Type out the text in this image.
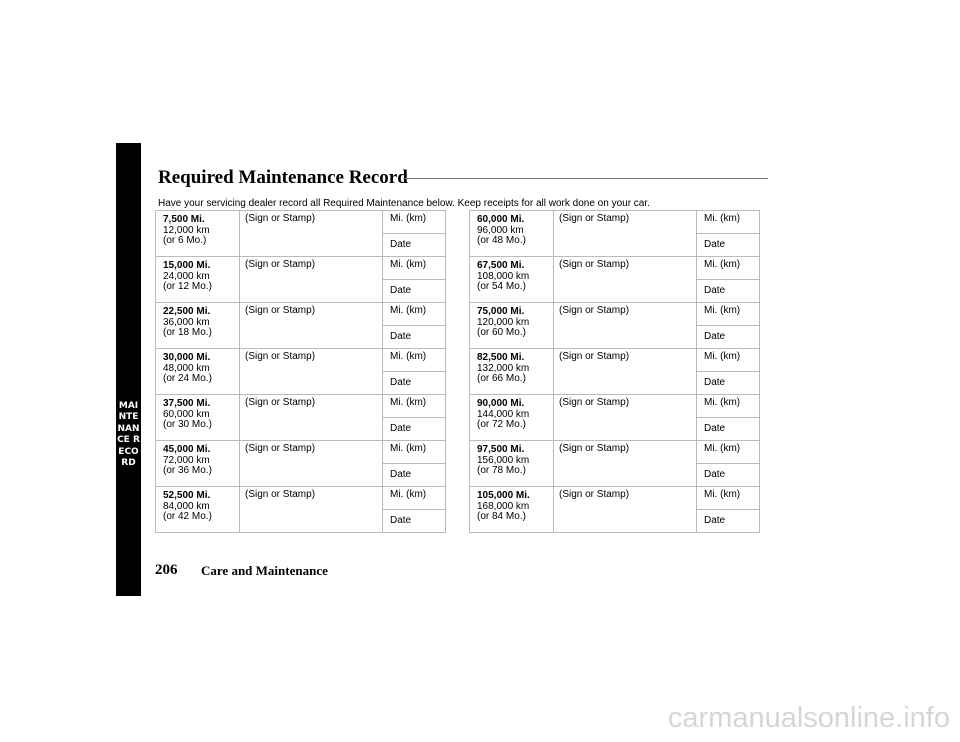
MAINTENANCE RECORD
Required Maintenance Record

Have your servicing dealer record all Required Maintenance below. Keep receipts for all work done on your car.

7,500 Mi.
12,000 km
(or 6 Mo.)	(Sign or Stamp)	Mi. (km)
		Date

15,000 Mi.
24,000 km
(or 12 Mo.)	(Sign or Stamp)	Mi. (km)
		Date

22,500 Mi.
36,000 km
(or 18 Mo.)	(Sign or Stamp)	Mi. (km)
		Date

30,000 Mi.
48,000 km
(or 24 Mo.)	(Sign or Stamp)	Mi. (km)
		Date

37,500 Mi.
60,000 km
(or 30 Mo.)	(Sign or Stamp)	Mi. (km)
		Date

45,000 Mi.
72,000 km
(or 36 Mo.)	(Sign or Stamp)	Mi. (km)
		Date

52,500 Mi.
84,000 km
(or 42 Mo.)	(Sign or Stamp)	Mi. (km)
		Date
60,000 Mi.
96,000 km
(or 48 Mo.)	(Sign or Stamp)	Mi. (km)
		Date

67,500 Mi.
108,000 km
(or 54 Mo.)	(Sign or Stamp)	Mi. (km)
		Date

75,000 Mi.
120,000 km
(or 60 Mo.)	(Sign or Stamp)	Mi. (km)
		Date

82,500 Mi.
132,000 km
(or 66 Mo.)	(Sign or Stamp)	Mi. (km)
		Date

90,000 Mi.
144,000 km
(or 72 Mo.)	(Sign or Stamp)	Mi. (km)
		Date

97,500 Mi.
156,000 km
(or 78 Mo.)	(Sign or Stamp)	Mi. (km)
		Date

105,000 Mi.
168,000 km
(or 84 Mo.)	(Sign or Stamp)	Mi. (km)
		Date

206 Care and Maintenance

carmanualsonline.info
